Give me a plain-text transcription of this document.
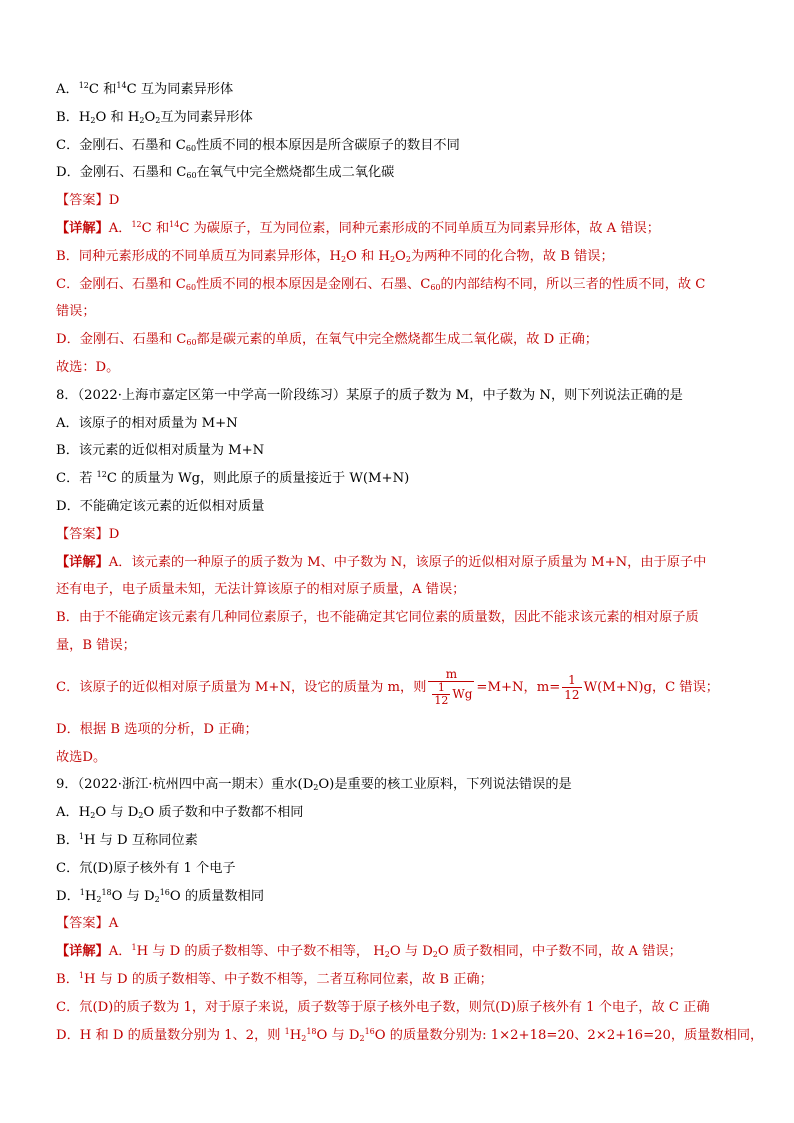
A．$^{12}$C 和$^{14}$C 互为同素异形体
B．$H_2O$ 和 $H_2O_2$互为同素异形体
C．金刚石、石墨和 $C_{60}$性质不同的根本原因是所含碳原子的数目不同
D．金刚石、石墨和 $C_{60}$在氧气中完全燃烧都生成二氧化碳
【答案】D
【详解】A．$^{12}$C 和$^{14}$C 为碳原子，互为同位素，同种元素形成的不同单质互为同素异形体，故 A 错误；
B．同种元素形成的不同单质互为同素异形体，$H_2O$ 和 $H_2O_2$为两种不同的化合物，故 B 错误；
C．金刚石、石墨和 $C_{60}$性质不同的根本原因是金刚石、石墨、$C_{60}$的内部结构不同，所以三者的性质不同，故 C
错误；
D．金刚石、石墨和 $C_{60}$都是碳元素的单质，在氧气中完全燃烧都生成二氧化碳，故 D 正确；
故选：D。
8．（2022·上海市嘉定区第一中学高一阶段练习）某原子的质子数为 M，中子数为 N，则下列说法正确的是
A．该原子的相对质量为 M+N
B．该元素的近似相对质量为 M+N
C．若 $^{12}$C 的质量为 Wg，则此原子的质量接近于 W(M+N)
D．不能确定该元素的近似相对质量
【答案】D
【详解】A．该元素的一种原子的质子数为 M、中子数为 N，该原子的近似相对原子质量为 M+N，由于原子中
还有电子，电子质量未知，无法计算该原子的相对原子质量，A 错误；
B．由于不能确定该元素有几种同位素原子，也不能确定其它同位素的质量数，因此不能求该元素的相对原子质
量，B 错误；
C．该原子的近似相对原子质量为 M+N，设它的质量为 m，则 $\frac{m}{\frac{1}{12} Wg} =M+N$，$m= \frac{1}{12} W(M+N)g$，C 错误；
D．根据 B 选项的分析，D 正确；
故选D。
9．（2022·浙江·杭州四中高一期末）重水$(D_2O)$是重要的核工业原料，下列说法错误的是
A．$H_2O$ 与 $D_2O$ 质子数和中子数都不相同
B．$^1$H 与 D 互称同位素
C．氘(D)原子核外有 1 个电子
D．$^1H_2^{18}O$ 与 $D_2^{16}O$ 的质量数相同
【答案】A
【详解】A．$^1$H 与 D 的质子数相等、中子数不相等， $H_2O$ 与 $D_2O$ 质子数相同，中子数不同，故 A 错误；
B．$^1$H 与 D 的质子数相等、中子数不相等，二者互称同位素，故 B 正确；
C．氘(D)的质子数为 1，对于原子来说，质子数等于原子核外电子数，则氘(D)原子核外有 1 个电子，故 C 正确
D．H 和 D 的质量数分别为 1、2，则 $^1H_2^{18}O$ 与 $D_2^{16}O$ 的质量数分别为: 1×2+18=20、2×2+16=20，质量数相同，
